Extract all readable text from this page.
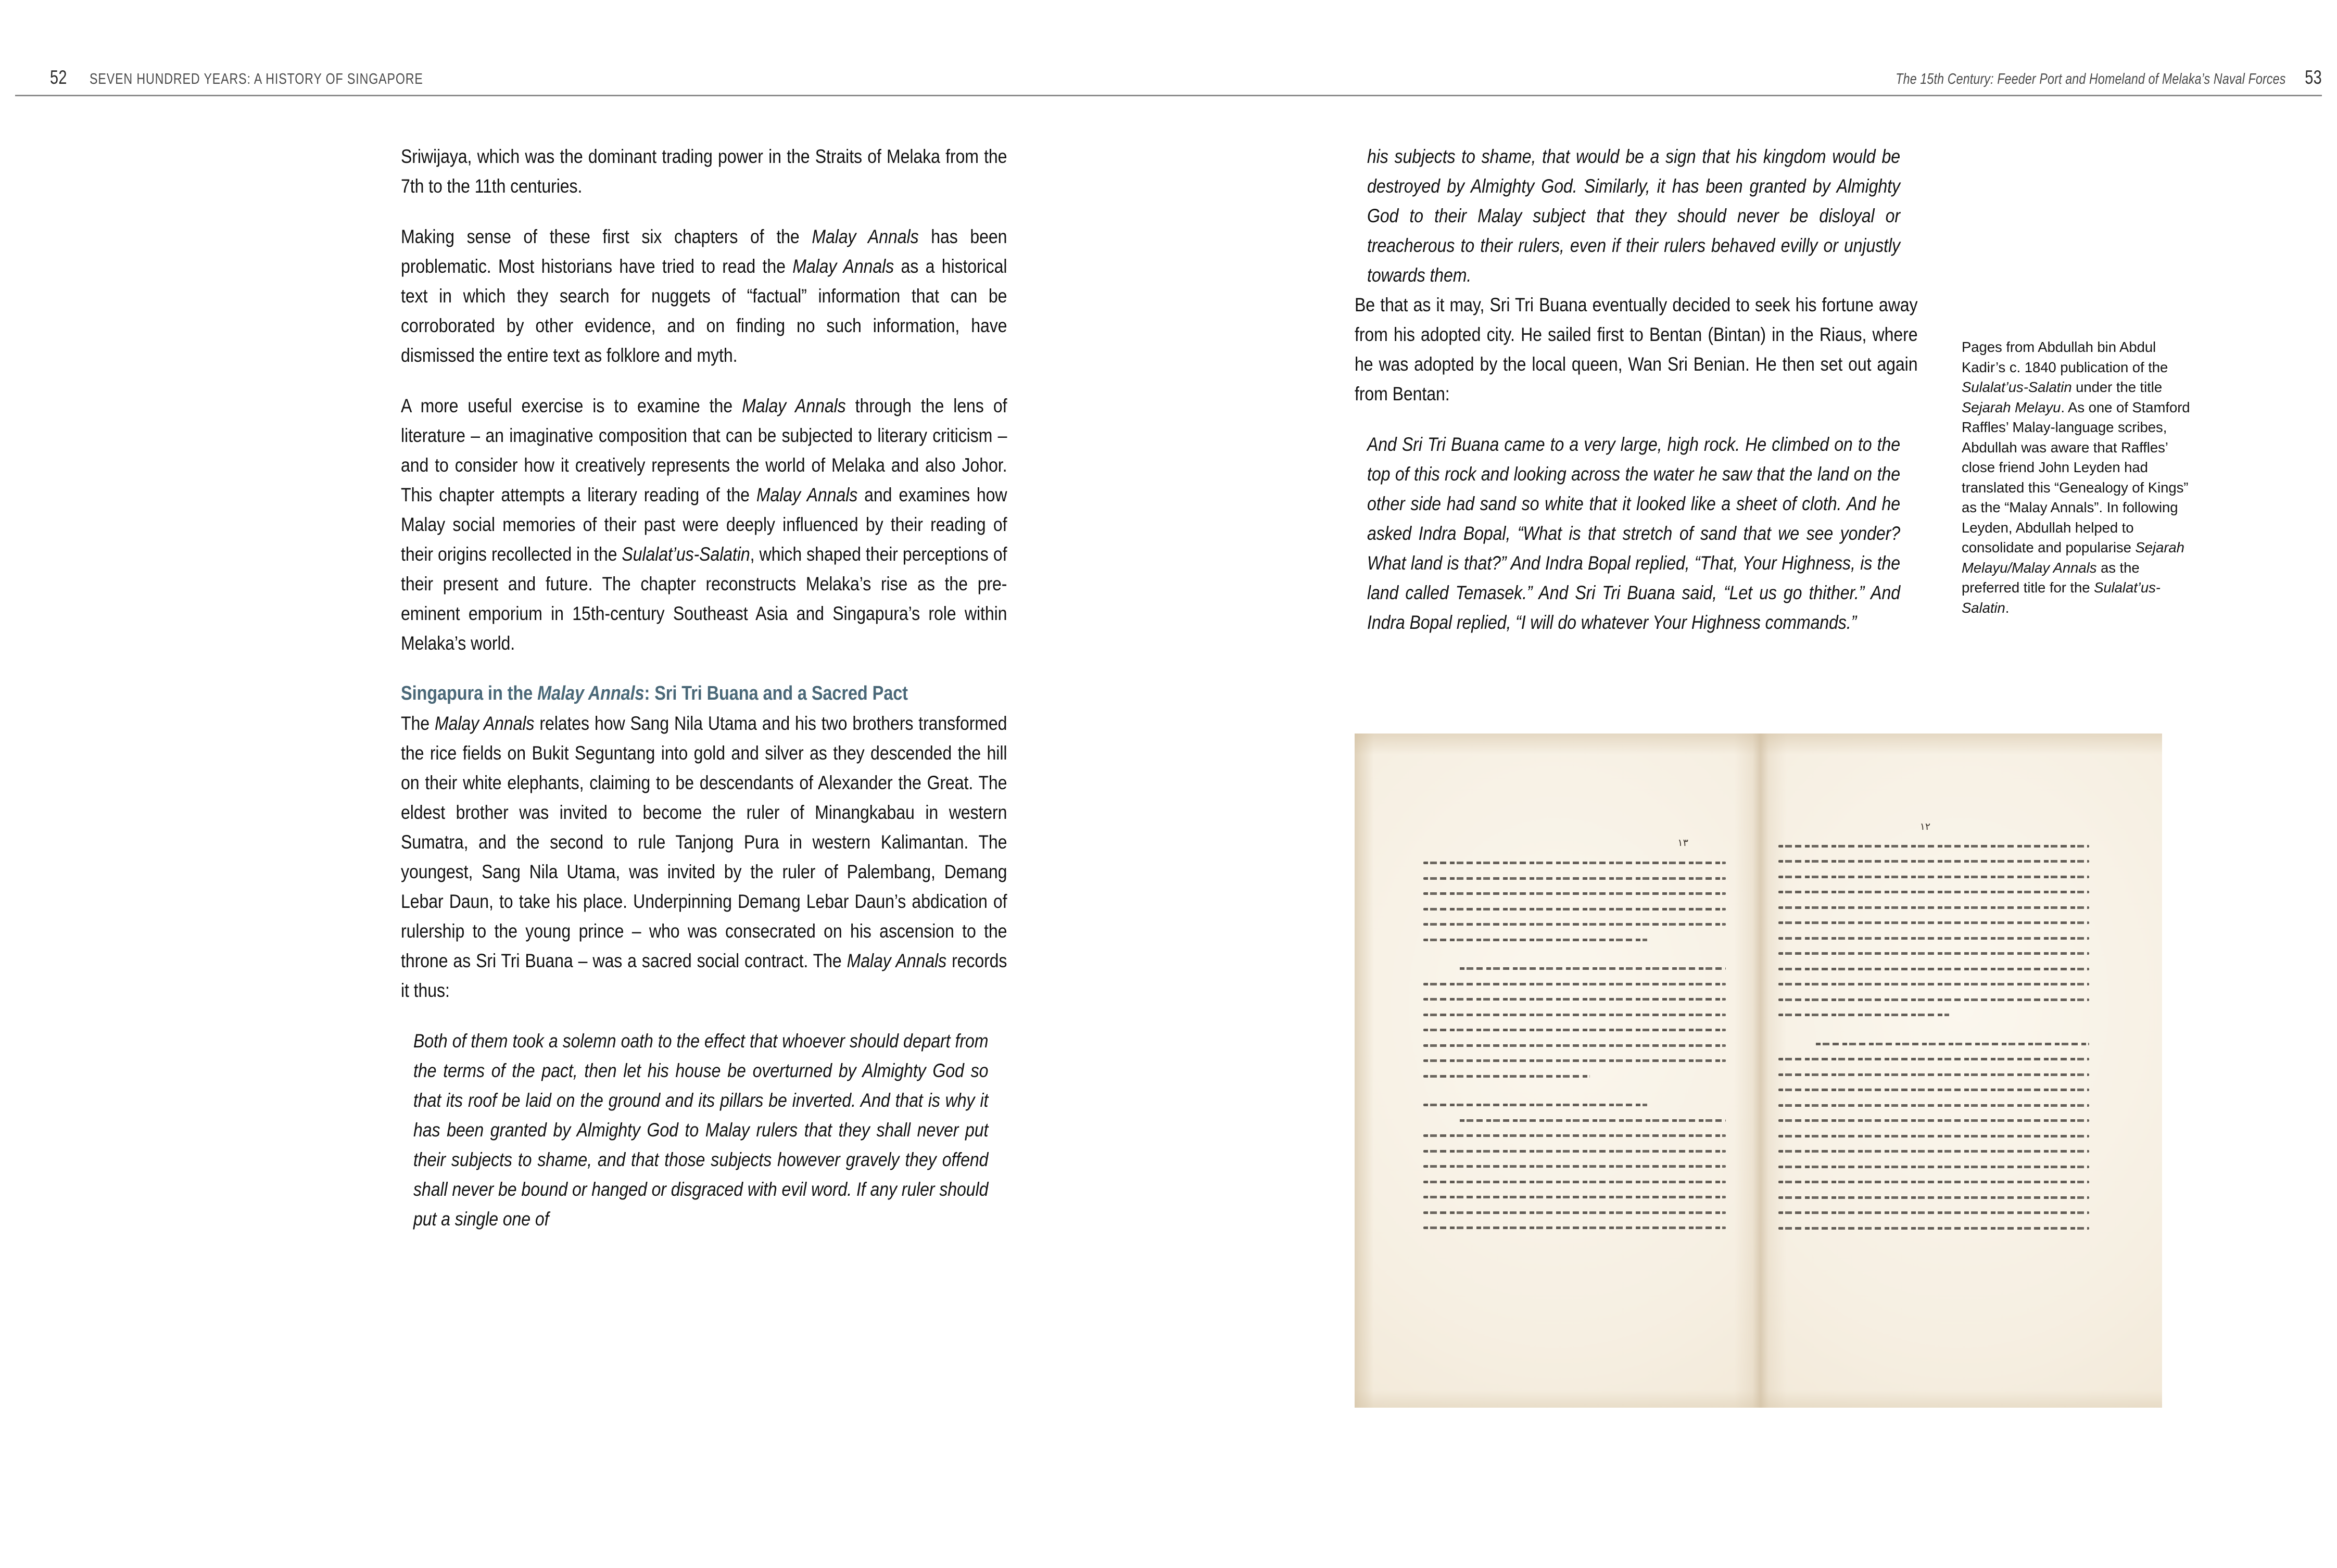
52 SEVEN HUNDRED YEARS: A HISTORY OF SINGAPORE	The 15th Century: Feeder Port and Homeland of Melaka’s Naval Forces 53

Sriwijaya, which was the dominant trading power in the Straits of Melaka from the 7th to the 11th centuries.

Making sense of these first six chapters of the Malay Annals has been problematic. Most historians have tried to read the Malay Annals as a historical text in which they search for nuggets of “factual” information that can be corroborated by other evidence, and on finding no such information, have dismissed the entire text as folklore and myth.

A more useful exercise is to examine the Malay Annals through the lens of literature – an imaginative composition that can be subjected to literary criticism – and to consider how it creatively represents the world of Melaka and also Johor. This chapter attempts a literary reading of the Malay Annals and examines how Malay social memories of their past were deeply influenced by their reading of their origins recollected in the Sulalat’us-Salatin, which shaped their perceptions of their present and future. The chapter reconstructs Melaka’s rise as the pre-eminent emporium in 15th-century Southeast Asia and Singapura’s role within Melaka’s world.

Singapura in the Malay Annals: Sri Tri Buana and a Sacred Pact

The Malay Annals relates how Sang Nila Utama and his two brothers transformed the rice fields on Bukit Seguntang into gold and silver as they descended the hill on their white elephants, claiming to be descendants of Alexander the Great. The eldest brother was invited to become the ruler of Minangkabau in western Sumatra, and the second to rule Tanjong Pura in western Kalimantan. The youngest, Sang Nila Utama, was invited by the ruler of Palembang, Demang Lebar Daun, to take his place. Underpinning Demang Lebar Daun’s abdication of rulership to the young prince – who was consecrated on his ascension to the throne as Sri Tri Buana – was a sacred social contract. The Malay Annals records it thus:

Both of them took a solemn oath to the effect that whoever should depart from the terms of the pact, then let his house be overturned by Almighty God so that its roof be laid on the ground and its pillars be inverted. And that is why it has been granted by Almighty God to Malay rulers that they shall never put their subjects to shame, and that those subjects however gravely they offend shall never be bound or hanged or disgraced with evil word. If any ruler should put a single one of

his subjects to shame, that would be a sign that his kingdom would be destroyed by Almighty God. Similarly, it has been granted by Almighty God to their Malay subject that they should never be disloyal or treacherous to their rulers, even if their rulers behaved evilly or unjustly towards them.

Be that as it may, Sri Tri Buana eventually decided to seek his fortune away from his adopted city. He sailed first to Bentan (Bintan) in the Riaus, where he was adopted by the local queen, Wan Sri Benian. He then set out again from Bentan:

And Sri Tri Buana came to a very large, high rock. He climbed on to the top of this rock and looking across the water he saw that the land on the other side had sand so white that it looked like a sheet of cloth. And he asked Indra Bopal, “What is that stretch of sand that we see yonder? What land is that?” And Indra Bopal replied, “That, Your Highness, is the land called Temasek.” And Sri Tri Buana said, “Let us go thither.” And Indra Bopal replied, “I will do whatever Your Highness commands.”

Pages from Abdullah bin Abdul Kadir’s c. 1840 publication of the Sulalat’us-Salatin under the title Sejarah Melayu. As one of Stamford Raffles’ Malay-language scribes, Abdullah was aware that Raffles’ close friend John Leyden had translated this “Genealogy of Kings” as the “Malay Annals”. In following Leyden, Abdullah helped to consolidate and popularise Sejarah Melayu/Malay Annals as the preferred title for the Sulalat’us-Salatin.

١٣
١٢
